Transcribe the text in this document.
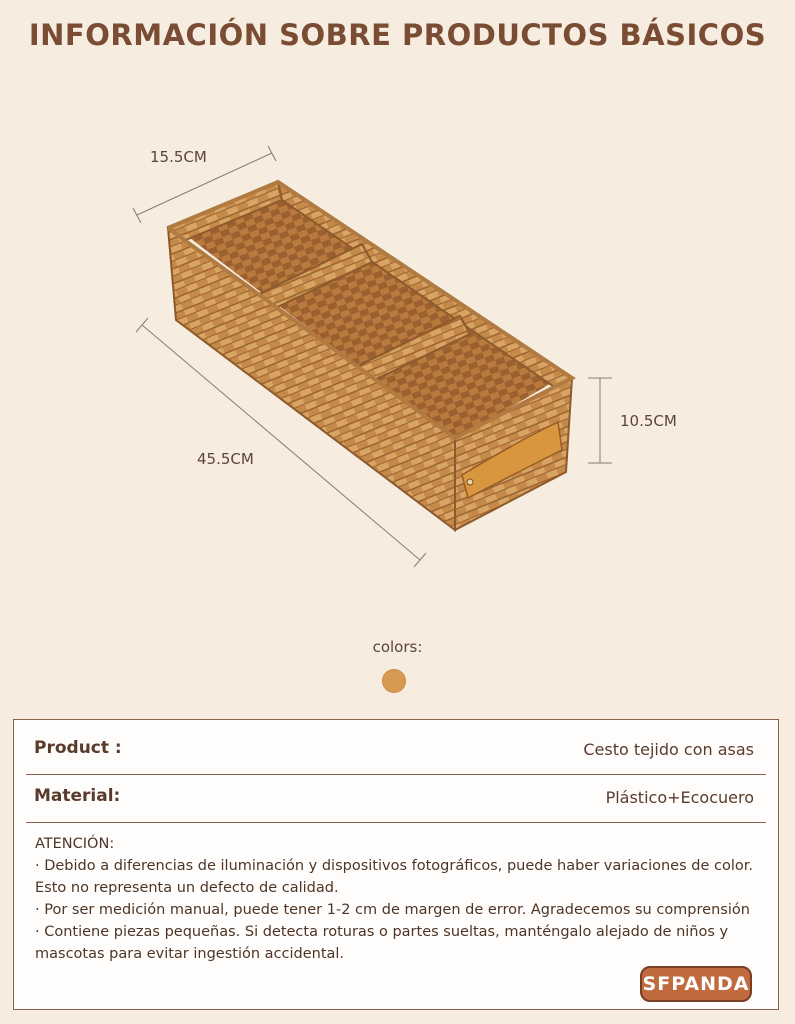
INFORMACIÓN SOBRE PRODUCTOS BÁSICOS
15.5CM
45.5CM
10.5CM
colors:
Product :	Cesto tejido con asas
Material:	Plástico+Ecocuero

ATENCIÓN:

· Debido a diferencias de iluminación y dispositivos fotográficos, puede haber variaciones de color. Esto no representa un defecto de calidad.

· Por ser medición manual, puede tener 1-2 cm de margen de error. Agradecemos su comprensión

· Contiene piezas pequeñas. Si detecta roturas o partes sueltas, manténgalo alejado de niños y mascotas para evitar ingestión accidental.

SFPANDA
